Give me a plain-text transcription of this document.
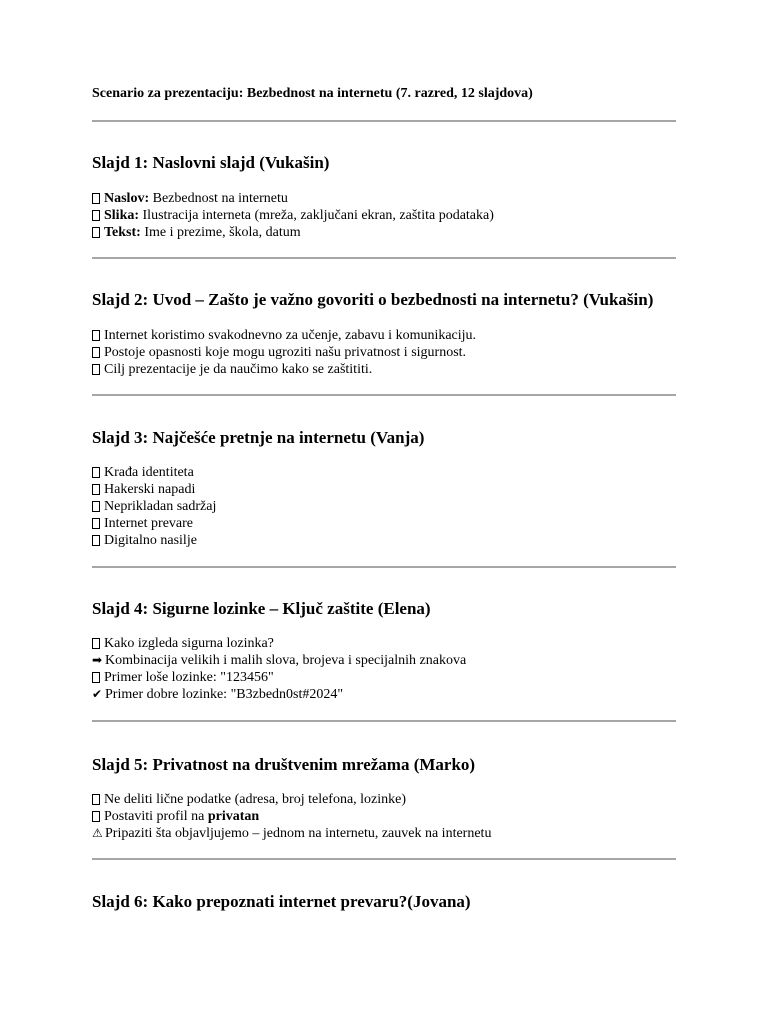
Scenario za prezentaciju: Bezbednost na internetu (7. razred, 12 slajdova)

Slajd 1: Naslovni slajd (Vukašin)
Naslov: Bezbednost na internetu
Slika: Ilustracija interneta (mreža, zaključani ekran, zaštita podataka)
Tekst: Ime i prezime, škola, datum
Slajd 2: Uvod – Zašto je važno govoriti o bezbednosti na internetu? (Vukašin)
Internet koristimo svakodnevno za učenje, zabavu i komunikaciju.
Postoje opasnosti koje mogu ugroziti našu privatnost i sigurnost.
Cilj prezentacije je da naučimo kako se zaštititi.
Slajd 3: Najčešće pretnje na internetu (Vanja)
Krađa identiteta
Hakerski napadi
Neprikladan sadržaj
Internet prevare
Digitalno nasilje
Slajd 4: Sigurne lozinke – Ključ zaštite (Elena)
Kako izgleda sigurna lozinka?
➡ Kombinacija velikih i malih slova, brojeva i specijalnih znakova
Primer loše lozinke: "123456"
✔ Primer dobre lozinke: "B3zbedn0st#2024"
Slajd 5: Privatnost na društvenim mrežama (Marko)
Ne deliti lične podatke (adresa, broj telefona, lozinke)
Postaviti profil na privatan
⚠ Pripaziti šta objavljujemo – jednom na internetu, zauvek na internetu
Slajd 6: Kako prepoznati internet prevaru?(Jovana)
